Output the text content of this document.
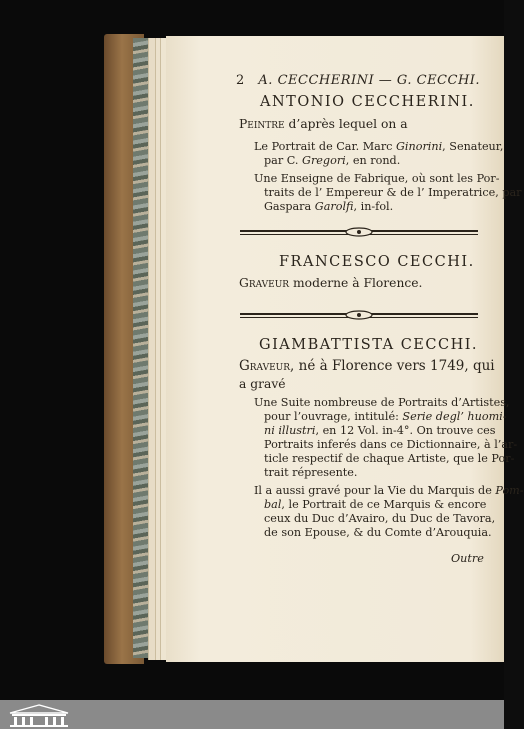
2 A. CECCHERINI — G. CECCHI.
ANTONIO CECCHERINI.
Peintre d’après lequel on a
Le Portrait de Car. Marc Ginorini, Senateur,
par C. Gregori, en rond.
Une Enseigne de Fabrique, où sont les Por-
traits de l’ Empereur & de l’ Imperatrice, par
Gaspara Garolfi, in-fol.
FRANCESCO CECCHI.
Graveur moderne à Florence.
GIAMBATTISTA CECCHI.
Graveur, né à Florence vers 1749, qui
a gravé
Une Suite nombreuse de Portraits d’Artistes,
pour l’ouvrage, intitulé: Serie degl’ huomi-
ni illustri, en 12 Vol. in-4°. On trouve ces
Portraits inferés dans ce Dictionnaire, à l’ar-
ticle respectif de chaque Artiste, que le Por-
trait répresente.
Il a aussi gravé pour la Vie du Marquis de Pom-
bal, le Portrait de ce Marquis & encore
ceux du Duc d’Avairo, du Duc de Tavora,
de son Epouse, & du Comte d’Arouquia.
Outre
